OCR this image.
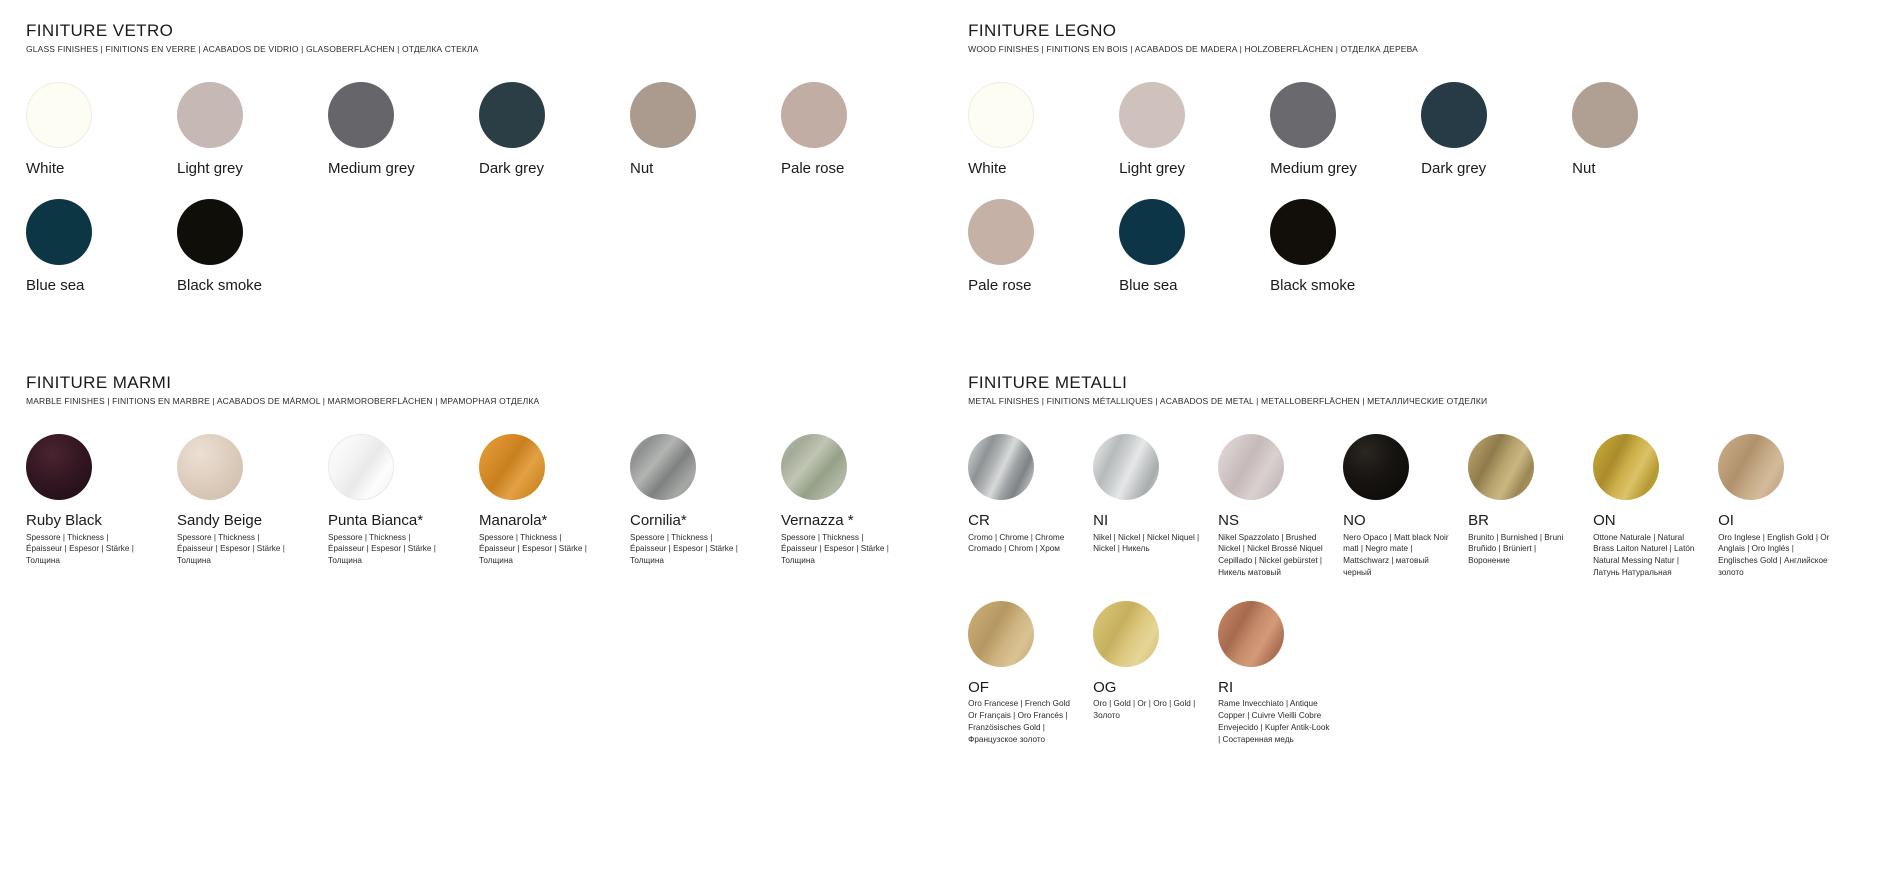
FINITURE VETRO
GLASS FINISHES | FINITIONS EN VERRE | ACABADOS DE VIDRIO | GLASOBERFLÄCHEN | ОТДЕЛКА СТЕКЛА
White	Light grey	Medium grey	Dark grey	Nut	Pale rose
Blue sea	Black smoke
FINITURE LEGNO
WOOD FINISHES | FINITIONS EN BOIS | ACABADOS DE MADERA | HOLZOBERFLÄCHEN | ОТДЕЛКА ДЕРЕВА
White	Light grey	Medium grey	Dark grey	Nut
Pale rose	Blue sea	Black smoke
FINITURE MARMI
MARBLE FINISHES | FINITIONS EN MARBRE | ACABADOS DE MÁRMOL | MARMOROBERFLÄCHEN | МРАМОРНАЯ ОТДЕЛКА
Ruby Black
Spessore | Thickness | Épaisseur | Espesor | Stärke | Толщина
Sandy Beige
Spessore | Thickness | Épaisseur | Espesor | Stärke | Толщина
Punta Bianca*
Spessore | Thickness | Épaisseur | Espesor | Stärke | Толщина
Manarola*
Spessore | Thickness | Épaisseur | Espesor | Stärke | Толщина
Cornilia*
Spessore | Thickness | Épaisseur | Espesor | Stärke | Толщина
Vernazza *
Spessore | Thickness | Épaisseur | Espesor | Stärke | Толщина
FINITURE METALLI
METAL FINISHES | FINITIONS MÉTALLIQUES | ACABADOS DE METAL | METALLOBERFLÄCHEN | МЕТАЛЛИЧЕСКИЕ ОТДЕЛКИ
CR
Cromo | Chrome | Chrome Cromado | Chrom | Хром
NI
Nikel | Nickel | Nickel Niquel | Nickel | Никель
NS
Nikel Spazzolato | Brushed Nickel | Nickel Brossé Niquel Cepillado | Nickel gebürstet | Никель матовый
NO
Nero Opaco | Matt black Noir matl | Negro mate | Mattschwarz | матовый черный
BR
Brunito | Burnished | Bruni Bruñido | Brüniert | Воронение
ON
Ottone Naturale | Natural Brass Laiton Naturel | Latón Natural Messing Natur | Латунь Натуральная
OI
Oro Inglese | English Gold | Or Anglais | Oro Inglés | Englisches Gold | Английское золото
OF
Oro Francese | French Gold Or Français | Oro Francés | Französisches Gold | Французское золото
OG
Oro | Gold | Or | Oro | Gold | Золото
RI
Rame Invecchiato | Antique Copper | Cuivre Vieilli Cobre Envejecido | Kupfer Antik-Look | Состаренная медь
